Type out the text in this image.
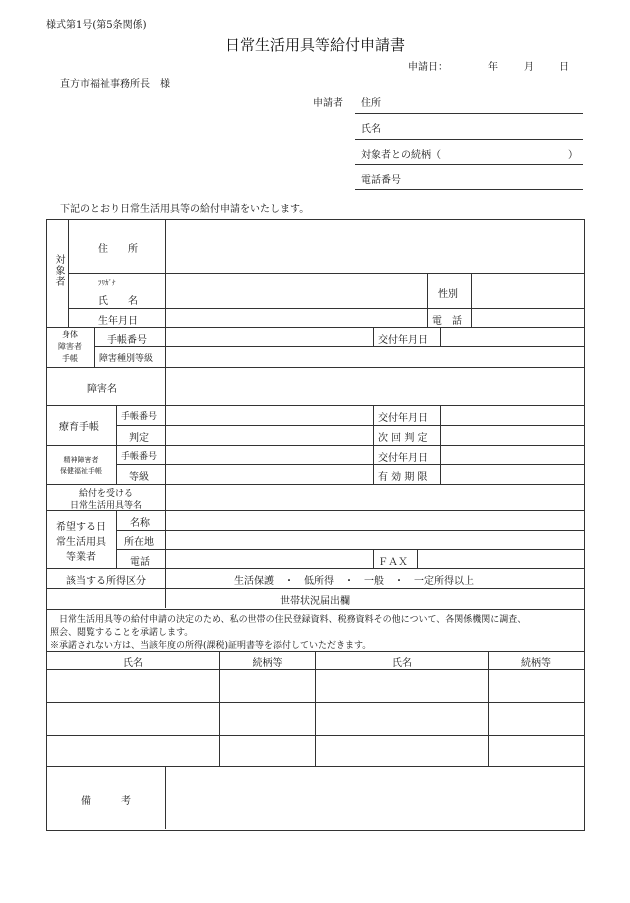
様式第1号(第5条関係)
日常生活用具等給付申請書
申請日：	年	月	日
直方市福祉事務所長　様
申請者 住所
氏名
対象者との続柄（	）
電話番号
下記のとおり日常生活用具等の給付申請をいたします。
対象者
住　　所
ﾌﾘｶﾞﾅ
氏　　名
性別
生年月日	電　話
身体
障害者
手帳
手帳番号	交付年月日
障害種別等級
障害名
療育手帳
手帳番号	交付年月日
判定	次 回 判 定
精神障害者
保健福祉手帳
手帳番号	交付年月日
等級	有 効 期 限
給付を受ける
日常生活用具等名
希望する日
常生活用具
等業者
名称
所在地
電話	ＦＡＸ
該当する所得区分	生活保護　・　低所得　・　一般　・　一定所得以上
世帯状況届出欄
　日常生活用具等の給付申請の決定のため、私の世帯の住民登録資料、税務資料その他について、各関係機関に調査、
照会、閲覧することを承諾します。
※承諾されない方は、当該年度の所得(課税)証明書等を添付していただきます。
氏名	続柄等	氏名	続柄等
備　　　考
